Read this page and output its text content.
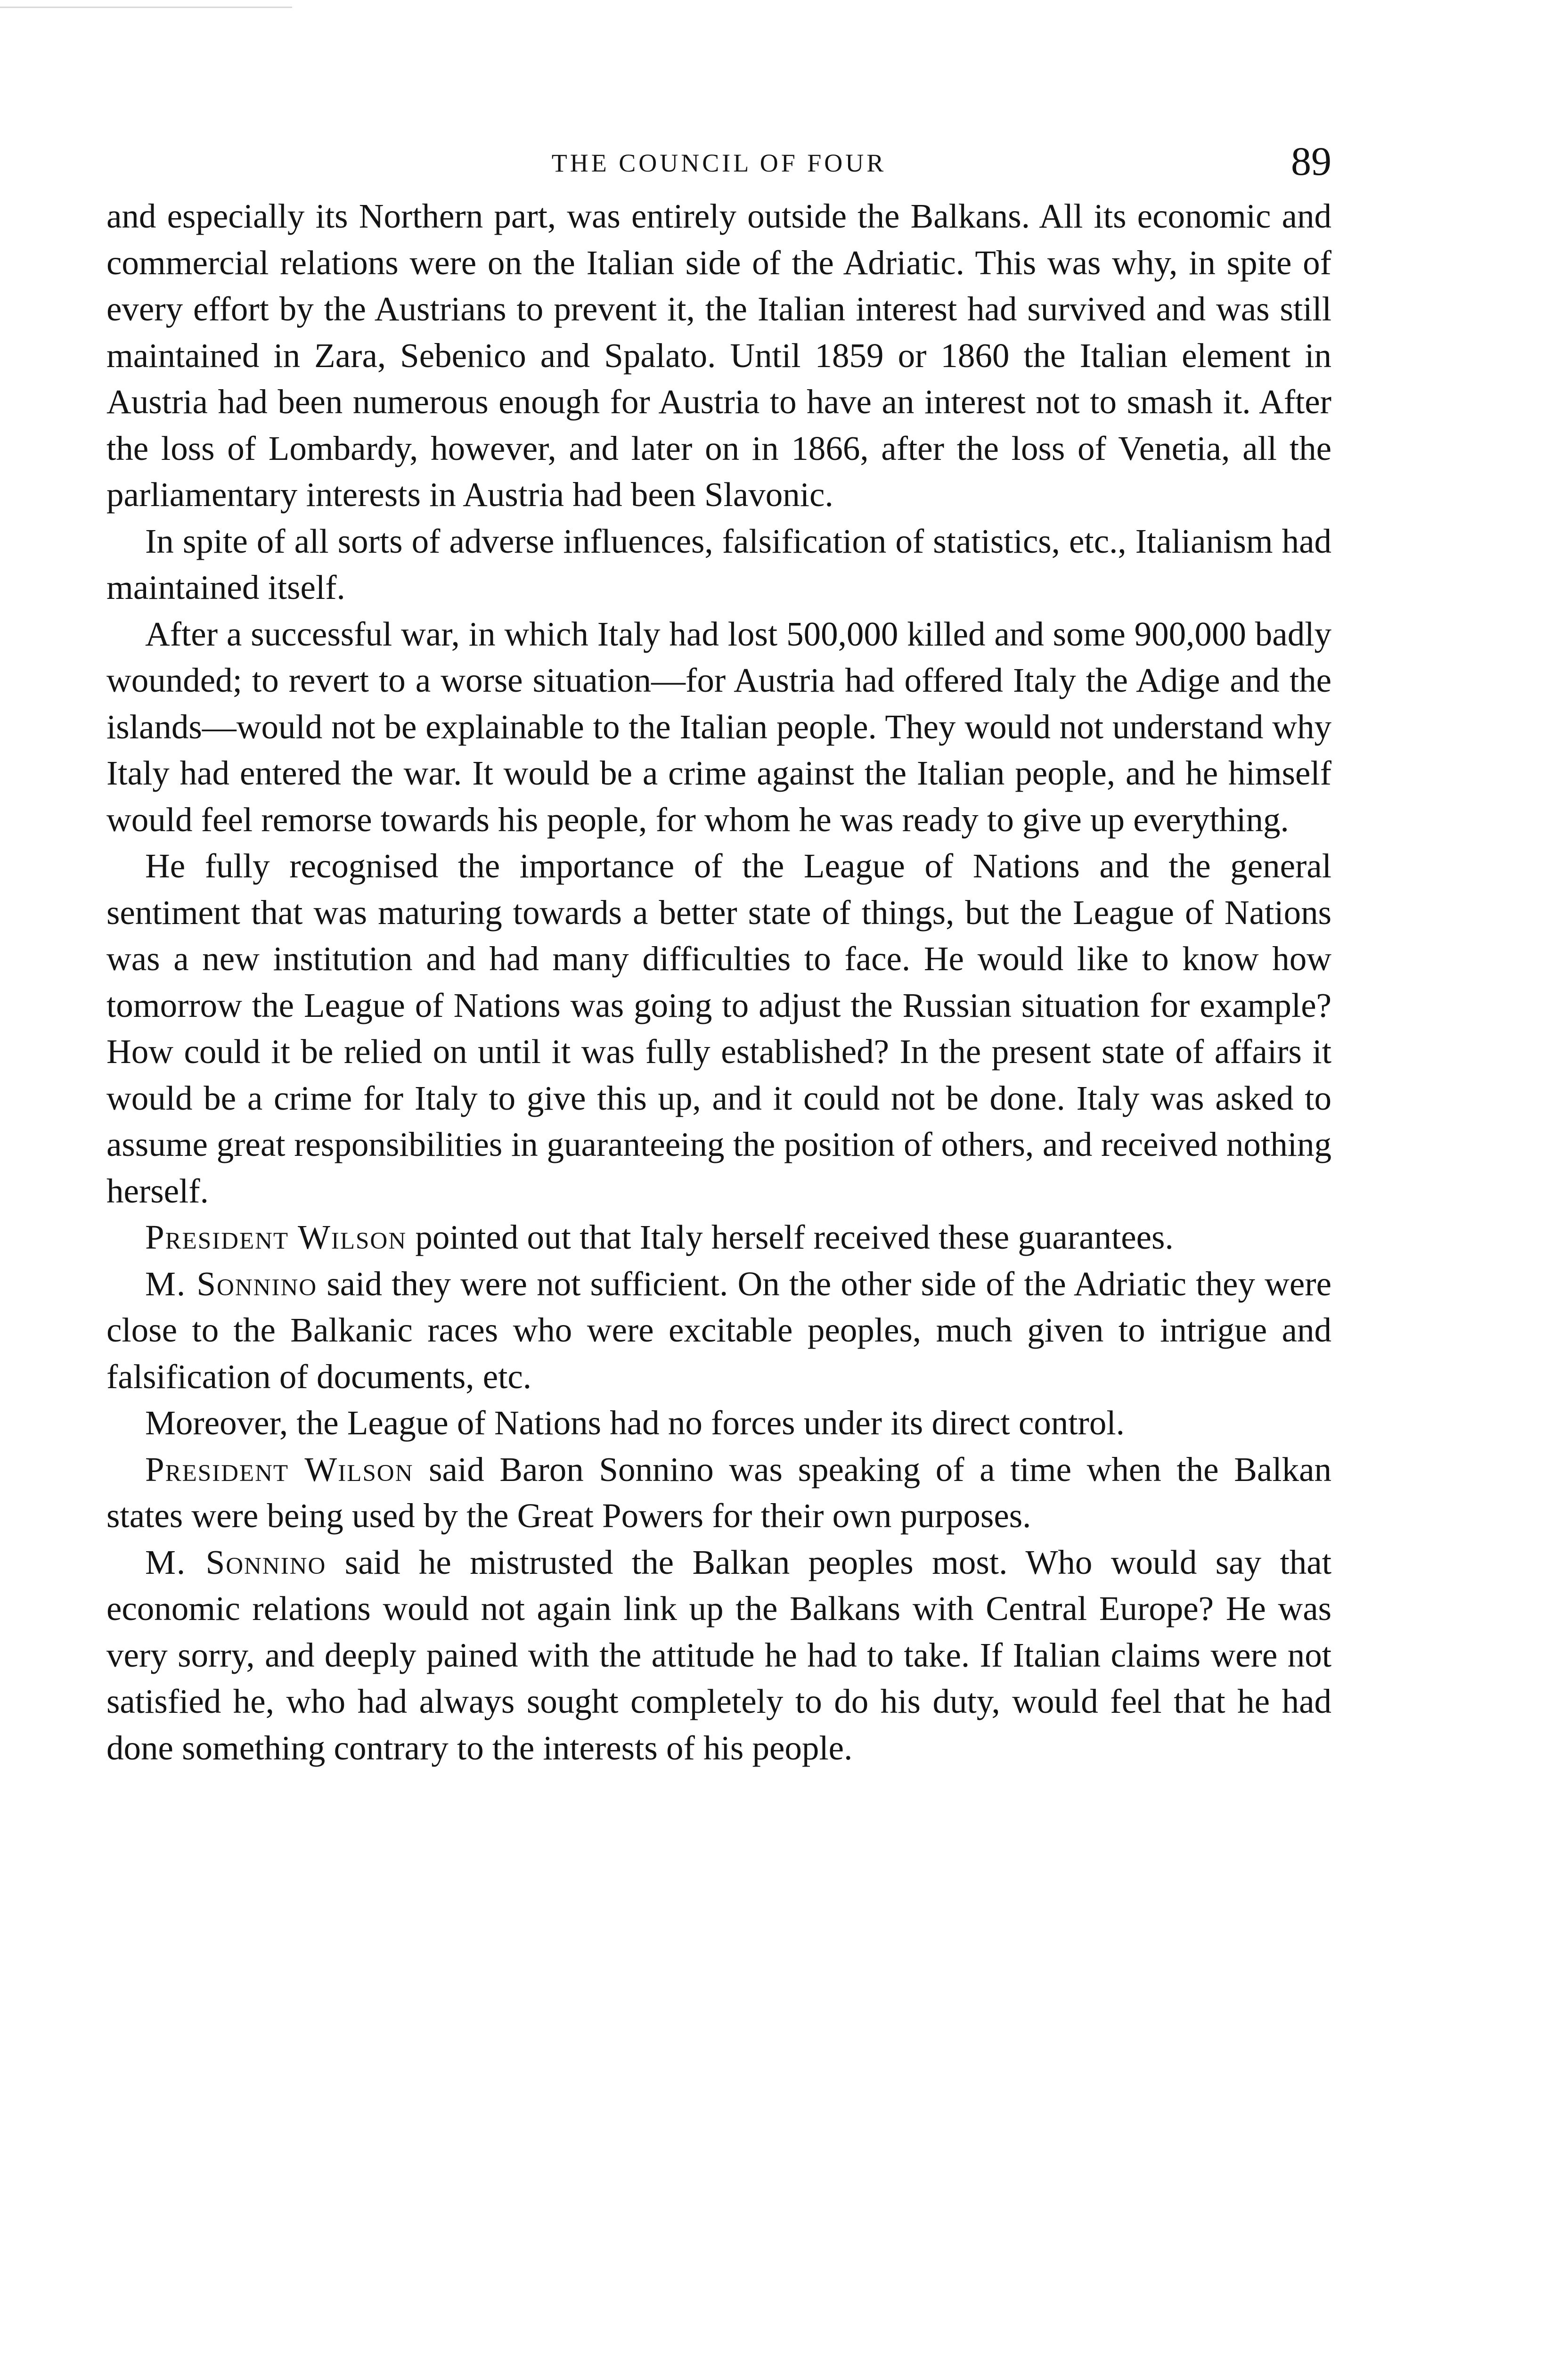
THE COUNCIL OF FOUR	89

and especially its Northern part, was entirely outside the Balkans. All its economic and commercial relations were on the Italian side of the Adriatic. This was why, in spite of every effort by the Austrians to prevent it, the Italian interest had survived and was still maintained in Zara, Sebenico and Spalato. Until 1859 or 1860 the Italian element in Austria had been numerous enough for Austria to have an interest not to smash it. After the loss of Lombardy, however, and later on in 1866, after the loss of Venetia, all the parliamentary interests in Austria had been Slavonic.

In spite of all sorts of adverse influences, falsification of statistics, etc., Italianism had maintained itself.

After a successful war, in which Italy had lost 500,000 killed and some 900,000 badly wounded; to revert to a worse situation—for Austria had offered Italy the Adige and the islands—would not be explainable to the Italian people. They would not understand why Italy had entered the war. It would be a crime against the Italian people, and he himself would feel remorse towards his people, for whom he was ready to give up everything.

He fully recognised the importance of the League of Nations and the general sentiment that was maturing towards a better state of things, but the League of Nations was a new institution and had many difficulties to face. He would like to know how tomorrow the League of Nations was going to adjust the Russian situation for example? How could it be relied on until it was fully established? In the present state of affairs it would be a crime for Italy to give this up, and it could not be done. Italy was asked to assume great responsibilities in guaranteeing the position of others, and received nothing herself.

President Wilson pointed out that Italy herself received these guarantees.

M. Sonnino said they were not sufficient. On the other side of the Adriatic they were close to the Balkanic races who were excitable peoples, much given to intrigue and falsification of documents, etc.

Moreover, the League of Nations had no forces under its direct control.

President Wilson said Baron Sonnino was speaking of a time when the Balkan states were being used by the Great Powers for their own purposes.

M. Sonnino said he mistrusted the Balkan peoples most. Who would say that economic relations would not again link up the Balkans with Central Europe? He was very sorry, and deeply pained with the attitude he had to take. If Italian claims were not satisfied he, who had always sought completely to do his duty, would feel that he had done something contrary to the interests of his people.
